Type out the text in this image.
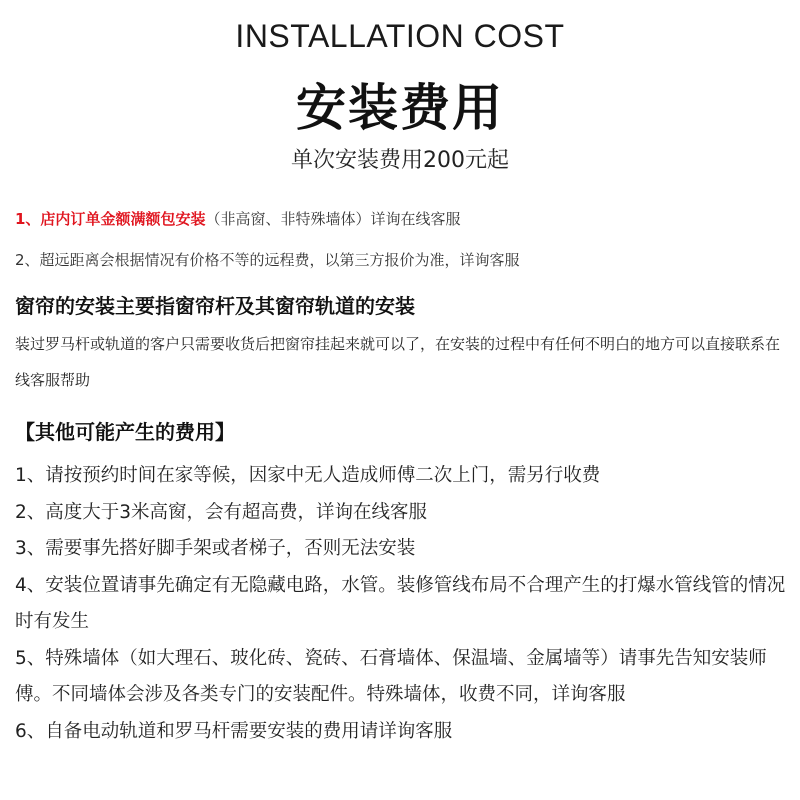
INSTALLATION COST
安装费用
单次安装费用200元起
1、店内订单金额满额包安装（非高窗、非特殊墙体）详询在线客服
2、超远距离会根据情况有价格不等的远程费，以第三方报价为准，详询客服
窗帘的安装主要指窗帘杆及其窗帘轨道的安装
装过罗马杆或轨道的客户只需要收货后把窗帘挂起来就可以了，在安装的过程中有任何不明白的地方可以直接联系在线客服帮助
【其他可能产生的费用】
1、请按预约时间在家等候，因家中无人造成师傅二次上门，需另行收费
2、高度大于3米高窗，会有超高费，详询在线客服
3、需要事先搭好脚手架或者梯子，否则无法安装
4、安装位置请事先确定有无隐藏电路，水管。装修管线布局不合理产生的打爆水管线管的情况时有发生
5、特殊墙体（如大理石、玻化砖、瓷砖、石膏墙体、保温墙、金属墙等）请事先告知安装师傅。不同墙体会涉及各类专门的安装配件。特殊墙体，收费不同，详询客服
6、自备电动轨道和罗马杆需要安装的费用请详询客服
